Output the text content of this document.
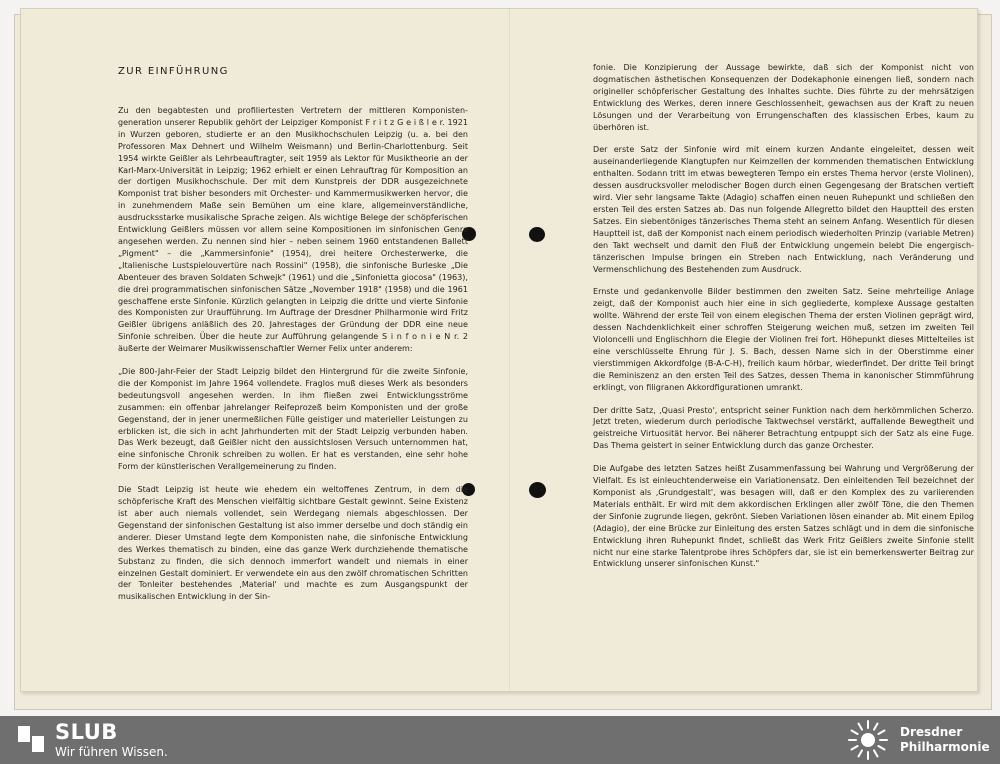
ZUR EINFÜHRUNG

Zu den begabtesten und profiliertesten Vertretern der mittleren Komponistengeneration unserer Republik gehört der Leipziger Komponist F r i t z G e i ß l e r. 1921 in Wurzen geboren, studierte er an den Musikhochschulen Leipzig (u. a. bei den Professoren Max Dehnert und Wilhelm Weismann) und Berlin-Charlottenburg. Seit 1954 wirkte Geißler als Lehrbeauftragter, seit 1959 als Lektor für Musiktheorie an der Karl-Marx-Universität in Leipzig; 1962 erhielt er einen Lehrauftrag für Komposition an der dortigen Musikhochschule. Der mit dem Kunstpreis der DDR ausgezeichnete Komponist trat bisher besonders mit Orchester- und Kammermusikwerken hervor, die in zunehmendem Maße sein Bemühen um eine klare, allgemeinverständliche, ausdrucksstarke musikalische Sprache zeigen. Als wichtige Belege der schöpferischen Entwicklung Geißlers müssen vor allem seine Kompositionen im sinfonischen Genre angesehen werden. Zu nennen sind hier – neben seinem 1960 entstandenen Ballett „Pigment" – die „Kammersinfonie" (1954), drei heitere Orchesterwerke, die „Italienische Lustspielouvertüre nach Rossini" (1958), die sinfonische Burleske „Die Abenteuer des braven Soldaten Schwejk" (1961) und die „Sinfonietta giocosa" (1963), die drei programmatischen sinfonischen Sätze „November 1918" (1958) und die 1961 geschaffene erste Sinfonie. Kürzlich gelangten in Leipzig die dritte und vierte Sinfonie des Komponisten zur Uraufführung. Im Auftrage der Dresdner Philharmonie wird Fritz Geißler übrigens anläßlich des 20. Jahrestages der Gründung der DDR eine neue Sinfonie schreiben. Über die heute zur Aufführung gelangende S i n f o n i e N r. 2 äußerte der Weimarer Musikwissenschaftler Werner Felix unter anderem:

„Die 800-Jahr-Feier der Stadt Leipzig bildet den Hintergrund für die zweite Sinfonie, die der Komponist im Jahre 1964 vollendete. Fraglos muß dieses Werk als besonders bedeutungsvoll angesehen werden. In ihm fließen zwei Entwicklungsströme zusammen: ein offenbar jahrelanger Reifeprozeß beim Komponisten und der große Gegenstand, der in jener unermeßlichen Fülle geistiger und materieller Leistungen zu erblicken ist, die sich in acht Jahrhunderten mit der Stadt Leipzig verbunden haben. Das Werk bezeugt, daß Geißler nicht den aussichtslosen Versuch unternommen hat, eine sinfonische Chronik schreiben zu wollen. Er hat es verstanden, eine sehr hohe Form der künstlerischen Verallgemeinerung zu finden.

Die Stadt Leipzig ist heute wie ehedem ein weltoffenes Zentrum, in dem die schöpferische Kraft des Menschen vielfältig sichtbare Gestalt gewinnt. Seine Existenz ist aber auch niemals vollendet, sein Werdegang niemals abgeschlossen. Der Gegenstand der sinfonischen Gestaltung ist also immer derselbe und doch ständig ein anderer. Dieser Umstand legte dem Komponisten nahe, die sinfonische Entwicklung des Werkes thematisch zu binden, eine das ganze Werk durchziehende thematische Substanz zu finden, die sich dennoch immerfort wandelt und niemals in einer einzelnen Gestalt dominiert. Er verwendete ein aus den zwölf chromatischen Schritten der Tonleiter bestehendes ‚Material' und machte es zum Ausgangspunkt der musikalischen Entwicklung in der Sin-

fonie. Die Konzipierung der Aussage bewirkte, daß sich der Komponist nicht von dogmatischen ästhetischen Konsequenzen der Dodekaphonie einengen ließ, sondern nach origineller schöpferischer Gestaltung des Inhaltes suchte. Dies führte zu der mehrsätzigen Entwicklung des Werkes, deren innere Geschlossenheit, gewachsen aus der Kraft zu neuen Lösungen und der Verarbeitung von Errungenschaften des klassischen Erbes, kaum zu überhören ist.

Der erste Satz der Sinfonie wird mit einem kurzen Andante eingeleitet, dessen weit auseinanderliegende Klangtupfen nur Keimzellen der kommenden thematischen Entwicklung enthalten. Sodann tritt im etwas bewegteren Tempo ein erstes Thema hervor (erste Violinen), dessen ausdrucksvoller melodischer Bogen durch einen Gegengesang der Bratschen vertieft wird. Vier sehr langsame Takte (Adagio) schaffen einen neuen Ruhepunkt und schließen den ersten Teil des ersten Satzes ab. Das nun folgende Allegretto bildet den Hauptteil des ersten Satzes. Ein siebentöniges tänzerisches Thema steht an seinem Anfang. Wesentlich für diesen Hauptteil ist, daß der Komponist nach einem periodisch wiederholten Prinzip (variable Metren) den Takt wechselt und damit den Fluß der Entwicklung ungemein belebt Die engergisch-tänzerischen Impulse bringen ein Streben nach Entwicklung, nach Veränderung und Vermenschlichung des Bestehenden zum Ausdruck.

Ernste und gedankenvolle Bilder bestimmen den zweiten Satz. Seine mehrteilige Anlage zeigt, daß der Komponist auch hier eine in sich gegliederte, komplexe Aussage gestalten wollte. Während der erste Teil von einem elegischen Thema der ersten Violinen geprägt wird, dessen Nachdenklichkeit einer schroffen Steigerung weichen muß, setzen im zweiten Teil Violoncelli und Englischhorn die Elegie der Violinen frei fort. Höhepunkt dieses Mittelteiles ist eine verschlüsselte Ehrung für J. S. Bach, dessen Name sich in der Oberstimme einer vierstimmigen Akkordfolge (B-A-C-H), freilich kaum hörbar, wiederfindet. Der dritte Teil bringt die Reminiszenz an den ersten Teil des Satzes, dessen Thema in kanonischer Stimmführung erklingt, von filigranen Akkordfigurationen umrankt.

Der dritte Satz, ‚Quasi Presto', entspricht seiner Funktion nach dem herkömmlichen Scherzo. Jetzt treten, wiederum durch periodische Taktwechsel verstärkt, auffallende Bewegtheit und geistreiche Virtuosität hervor. Bei näherer Betrachtung entpuppt sich der Satz als eine Fuge. Das Thema geistert in seiner Entwicklung durch das ganze Orchester.

Die Aufgabe des letzten Satzes heißt Zusammenfassung bei Wahrung und Vergrößerung der Vielfalt. Es ist einleuchtenderweise ein Variationensatz. Den einleitenden Teil bezeichnet der Komponist als ‚Grundgestalt', was besagen will, daß er den Komplex des zu variierenden Materials enthält. Er wird mit dem akkordischen Erklingen aller zwölf Töne, die den Themen der Sinfonie zugrunde liegen, gekrönt. Sieben Variationen lösen einander ab. Mit einem Epilog (Adagio), der eine Brücke zur Einleitung des ersten Satzes schlägt und in dem die sinfonische Entwicklung ihren Ruhepunkt findet, schließt das Werk Fritz Geißlers zweite Sinfonie stellt nicht nur eine starke Talentprobe ihres Schöpfers dar, sie ist ein bemerkenswerter Beitrag zur Entwicklung unserer sinfonischen Kunst."

SLUB
Wir führen Wissen.
Dresdner
Philharmonie
